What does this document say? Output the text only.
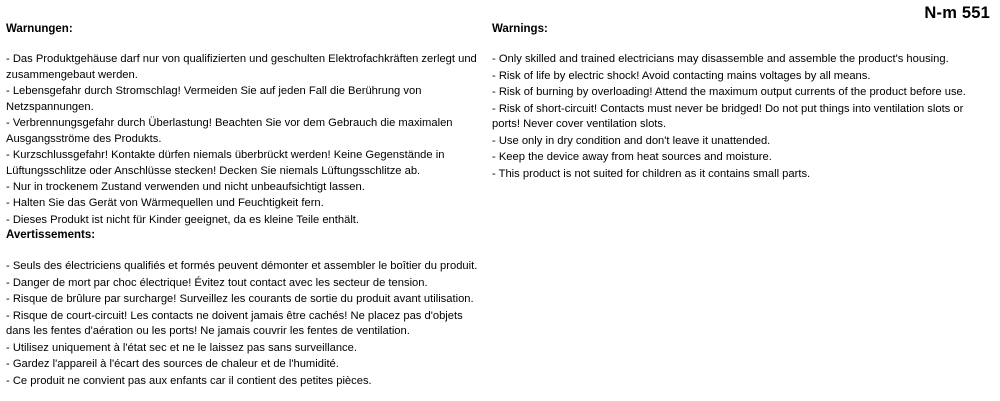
N-m 551
Warnungen:
- Das Produktgehäuse darf nur von qualifizierten und geschulten Elektrofachkräften zerlegt und zusammengebaut werden.
- Lebensgefahr durch Stromschlag! Vermeiden Sie auf jeden Fall die Berührung von Netzspannungen.
- Verbrennungsgefahr durch Überlastung! Beachten Sie vor dem Gebrauch die maximalen Ausgangsströme des Produkts.
- Kurzschlussgefahr! Kontakte dürfen niemals überbrückt werden! Keine Gegenstände in Lüftungsschlitze oder Anschlüsse stecken! Decken Sie niemals Lüftungsschlitze ab.
- Nur in trockenem Zustand verwenden und nicht unbeaufsichtigt lassen.
- Halten Sie das Gerät von Wärmequellen und Feuchtigkeit fern.
- Dieses Produkt ist nicht für Kinder geeignet, da es kleine Teile enthält.
Avertissements:
- Seuls des électriciens qualifiés et formés peuvent démonter et assembler le boîtier du produit.
- Danger de mort par choc électrique! Évitez tout contact avec les secteur de tension.
- Risque de brûlure par surcharge! Surveillez les courants de sortie du produit avant utilisation.
- Risque de court-circuit! Les contacts ne doivent jamais être cachés! Ne placez pas d'objets dans les fentes d'aération ou les ports! Ne jamais couvrir les fentes de ventilation.
- Utilisez uniquement à l'état sec et ne le laissez pas sans surveillance.
- Gardez l'appareil à l'écart des sources de chaleur et de l'humidité.
- Ce produit ne convient pas aux enfants car il contient des petites pièces.
Warnings:
- Only skilled and trained electricians may disassemble and assemble the product's housing.
- Risk of life by electric shock! Avoid contacting mains voltages by all means.
- Risk of burning by overloading! Attend the maximum output currents of the product before use.
- Risk of short-circuit! Contacts must never be bridged! Do not put things into ventilation slots or ports! Never cover ventilation slots.
- Use only in dry condition and don't leave it unattended.
- Keep the device away from heat sources and moisture.
- This product is not suited for children as it contains small parts.
